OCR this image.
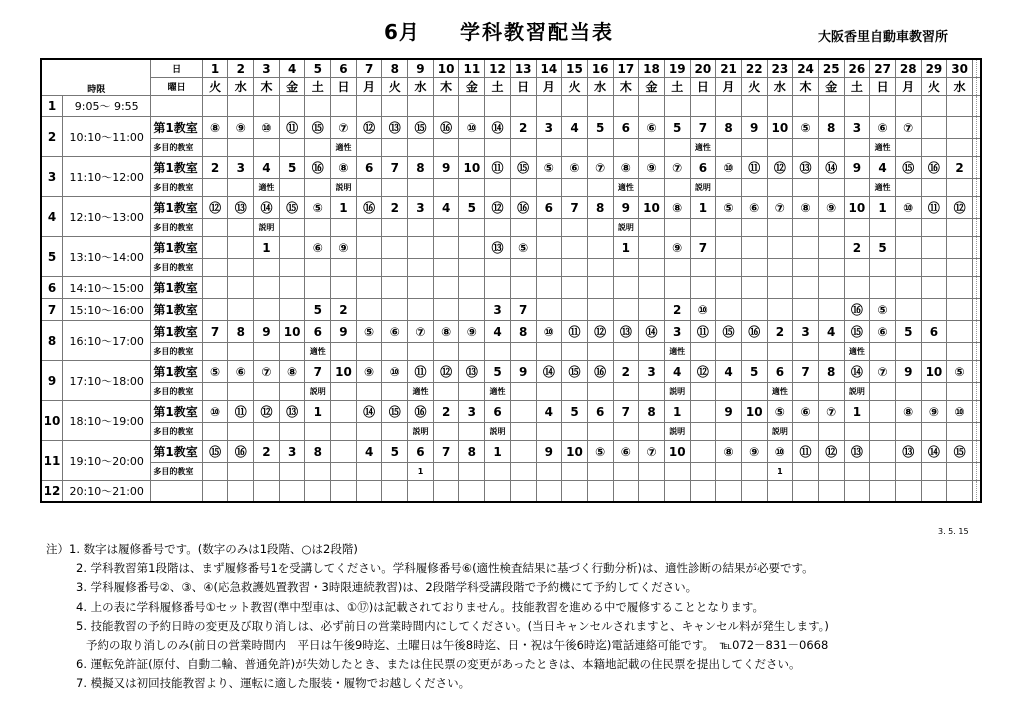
6月 学科教習配当表	大阪香里自動車教習所
		日	1	2	3	4	5	6	7	8	9	10	11	12	13	14	15	16	17	18	19	20	21	22	23	24	25	26	27	28	29	30		
時限		曜日	火	水	木	金	土	日	月	火	水	木	金	土	日	月	火	水	木	金	土	日	月	火	水	木	金	土	日	月	火	水		
1	9:05～ 9:55																																	
2	10:10～11:00	第1教室	⑧	⑨	⑩	⑪	⑮	⑦	⑫	⑬	⑮	⑯	⑩	⑭	2	3	4	5	6	⑥	5	7	8	9	10	⑤	8	3	⑥	⑦				
		多目的教室						適性														適性							適性					
3	11:10～12:00	第1教室	2	3	4	5	⑯	⑧	6	7	8	9	10	⑪	⑮	⑤	⑥	⑦	⑧	⑨	⑦	6	⑩	⑪	⑫	⑬	⑭	9	4	⑮	⑯	2		
		多目的教室			適性			説明											適性			説明							適性					
4	12:10～13:00	第1教室	⑫	⑬	⑭	⑮	⑤	1	⑯	2	3	4	5	⑫	⑯	6	7	8	9	10	⑧	1	⑤	⑥	⑦	⑧	⑨	10	1	⑩	⑪	⑫		
		多目的教室			説明														説明															
5	13:10～14:00	第1教室			1		⑥	⑨						⑬	⑤				1		⑨	7						2	5					
		多目的教室																																
6	14:10～15:00	第1教室																																
7	15:10～16:00	第1教室					5	2						3	7						2	⑩						⑯	⑤					
8	16:10～17:00	第1教室	7	8	9	10	6	9	⑤	⑥	⑦	⑧	⑨	4	8	⑩	⑪	⑫	⑬	⑭	3	⑪	⑮	⑯	2	3	4	⑮	⑥	5	6			
		多目的教室					適性														適性							適性						
9	17:10～18:00	第1教室	⑤	⑥	⑦	⑧	7	10	⑨	⑩	⑪	⑫	⑬	5	9	⑭	⑮	⑯	2	3	4	⑫	4	5	6	7	8	⑭	⑦	9	10	⑤		
		多目的教室					説明				適性			適性							説明				適性			説明						
10	18:10～19:00	第1教室	⑩	⑪	⑫	⑬	1		⑭	⑮	⑯	2	3	6		4	5	6	7	8	1		9	10	⑤	⑥	⑦	1		⑧	⑨	⑩		
		多目的教室									説明			説明							説明				説明									
11	19:10～20:00	第1教室	⑮	⑯	2	3	8		4	5	6	7	8	1		9	10	⑤	⑥	⑦	10		⑧	⑨	⑩	⑪	⑫	⑬		⑬	⑭	⑮		
		多目的教室									1														1									
12	20:10～21:00																																	
3. 5. 15
注）1. 数字は履修番号です。(数字のみは1段階、○は2段階)
2. 学科教習第1段階は、まず履修番号1を受講してください。学科履修番号⑥(適性検査結果に基づく行動分析)は、適性診断の結果が必要です。
3. 学科履修番号②、③、④(応急救護処置教習・3時限連続教習)は、2段階学科受講段階で予約機にて予約してください。
4. 上の表に学科履修番号①セット教習(準中型車は、①⑰)は記載されておりません。技能教習を進める中で履修することとなります。
5. 技能教習の予約日時の変更及び取り消しは、必ず前日の営業時間内にしてください。(当日キャンセルされますと、キャンセル料が発生します。)
予約の取り消しのみ(前日の営業時間内　平日は午後9時迄、土曜日は午後8時迄、日・祝は午後6時迄)電話連絡可能です。　℡072－831－0668
6. 運転免許証(原付、自動二輪、普通免許)が失効したとき、または住民票の変更があったときは、本籍地記載の住民票を提出してください。
7. 模擬又は初回技能教習より、運転に適した服装・履物でお越しください。
